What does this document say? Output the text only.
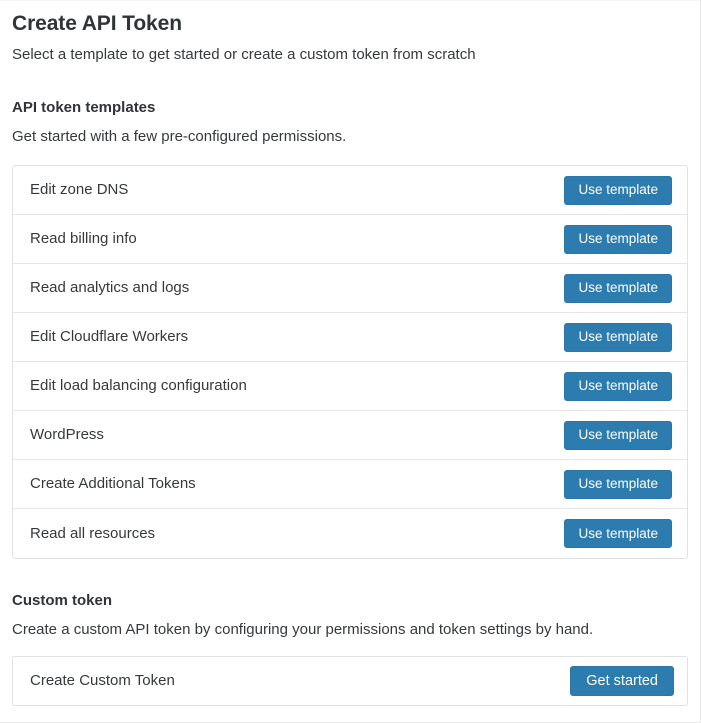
Create API Token

Select a template to get started or create a custom token from scratch

API token templates

Get started with a few pre-configured permissions.

Edit zone DNS	Use template
Read billing info	Use template
Read analytics and logs	Use template
Edit Cloudflare Workers	Use template
Edit load balancing configuration	Use template
WordPress	Use template
Create Additional Tokens	Use template
Read all resources	Use template
Custom token

Create a custom API token by configuring your permissions and token settings by hand.

Create Custom Token	Get started
